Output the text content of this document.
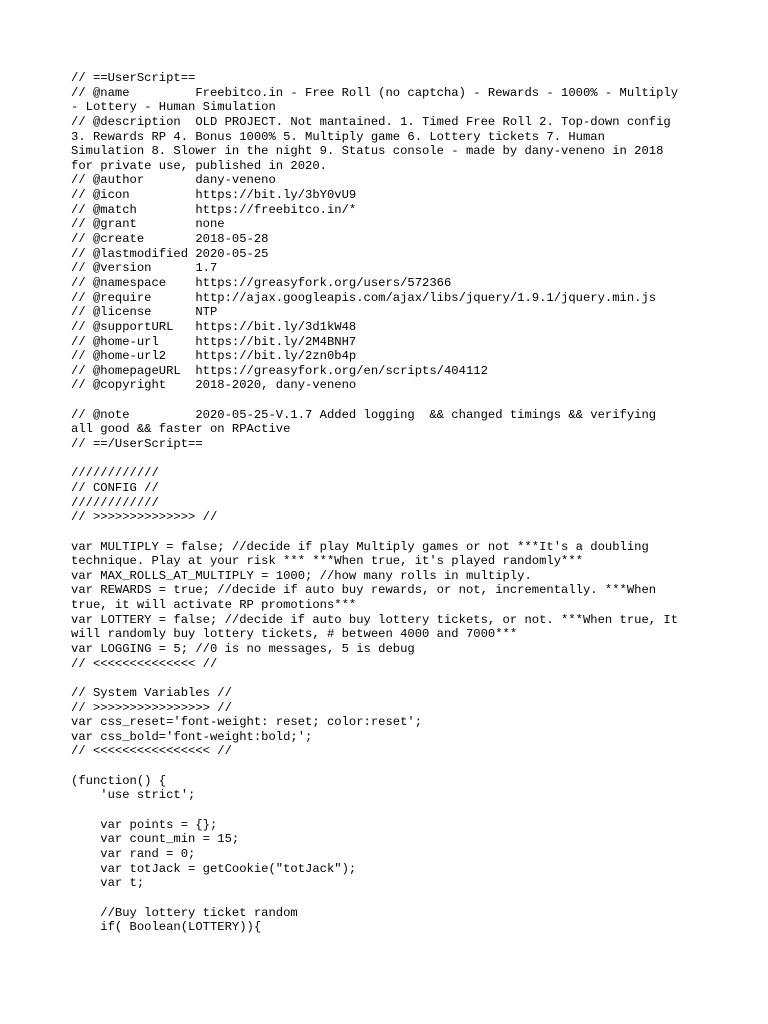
// ==UserScript==
// @name         Freebitco.in - Free Roll (no captcha) - Rewards - 1000% - Multiply
- Lottery - Human Simulation
// @description  OLD PROJECT. Not mantained. 1. Timed Free Roll 2. Top-down config
3. Rewards RP 4. Bonus 1000% 5. Multiply game 6. Lottery tickets 7. Human
Simulation 8. Slower in the night 9. Status console - made by dany-veneno in 2018
for private use, published in 2020.
// @author       dany-veneno
// @icon         https://bit.ly/3bY0vU9
// @match        https://freebitco.in/*
// @grant        none
// @create       2018-05-28
// @lastmodified 2020-05-25
// @version      1.7
// @namespace    https://greasyfork.org/users/572366
// @require      http://ajax.googleapis.com/ajax/libs/jquery/1.9.1/jquery.min.js
// @license      NTP
// @supportURL   https://bit.ly/3d1kW48
// @home-url     https://bit.ly/2M4BNH7
// @home-url2    https://bit.ly/2zn0b4p
// @homepageURL  https://greasyfork.org/en/scripts/404112
// @copyright    2018-2020, dany-veneno
// @note         2020-05-25-V.1.7 Added logging  && changed timings && verifying
all good && faster on RPActive
// ==/UserScript==
////////////
// CONFIG //
////////////
// >>>>>>>>>>>>>> //
var MULTIPLY = false; //decide if play Multiply games or not ***It's a doubling
technique. Play at your risk *** ***When true, it's played randomly***
var MAX_ROLLS_AT_MULTIPLY = 1000; //how many rolls in multiply.
var REWARDS = true; //decide if auto buy rewards, or not, incrementally. ***When
true, it will activate RP promotions***
var LOTTERY = false; //decide if auto buy lottery tickets, or not. ***When true, It
will randomly buy lottery tickets, # between 4000 and 7000***
var LOGGING = 5; //0 is no messages, 5 is debug
// <<<<<<<<<<<<<< //
// System Variables //
// >>>>>>>>>>>>>>>> //
var css_reset='font-weight: reset; color:reset';
var css_bold='font-weight:bold;';
// <<<<<<<<<<<<<<<< //
(function() {
'use strict';
var points = {};
var count_min = 15;
var rand = 0;
var totJack = getCookie("totJack");
var t;
//Buy lottery ticket random
if( Boolean(LOTTERY)){
